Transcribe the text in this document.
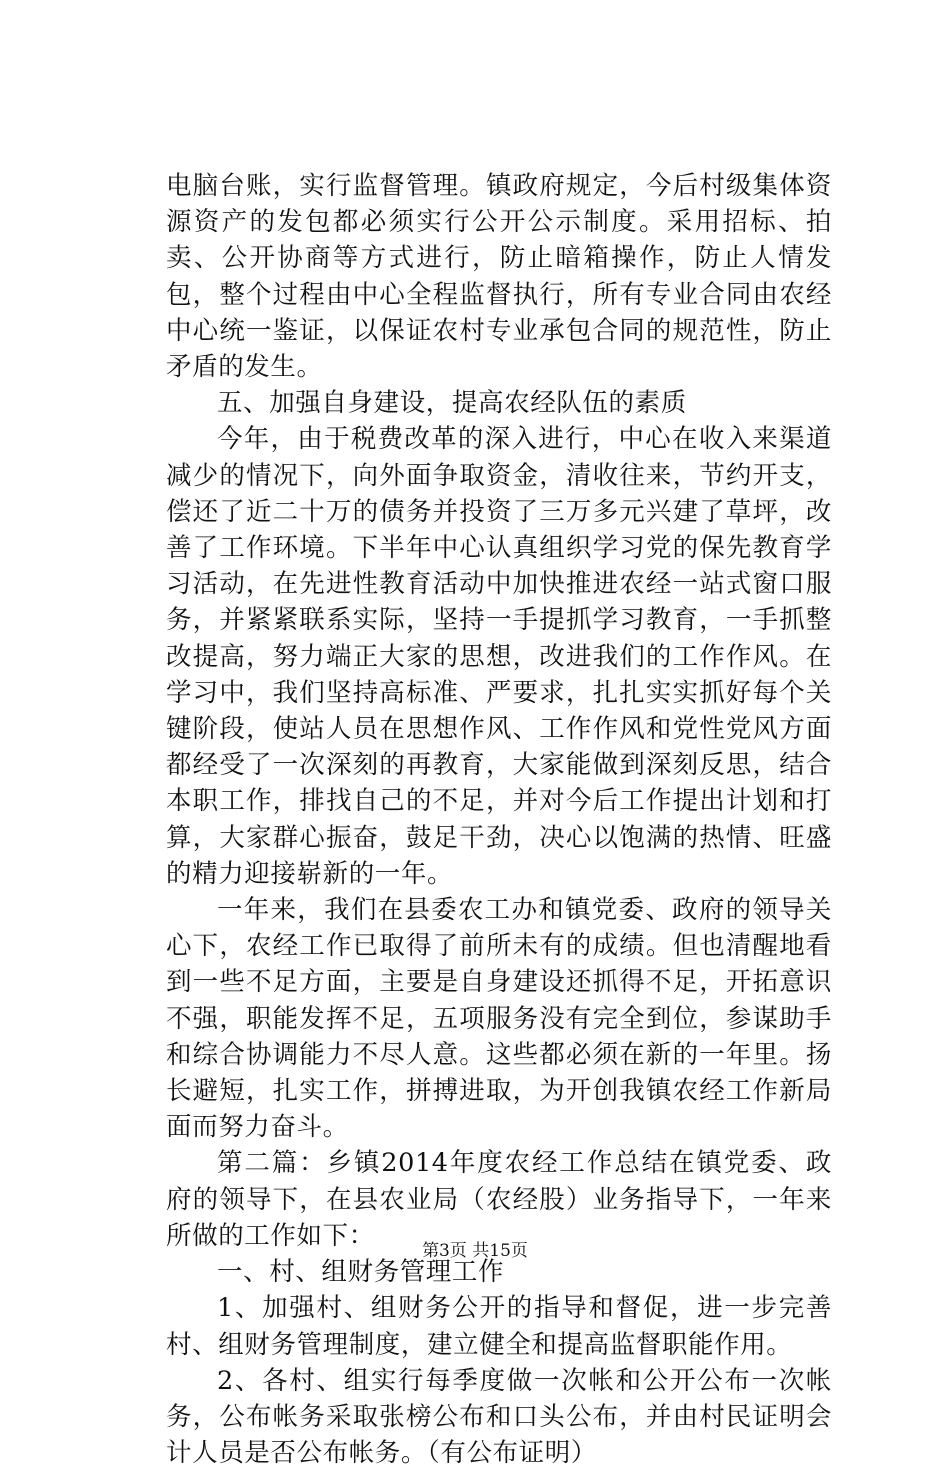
电脑台账，实行监督管理。镇政府规定，今后村级集体资源资产的发包都必须实行公开公示制度。采用招标、拍卖、公开协商等方式进行，防止暗箱操作，防止人情发包，整个过程由中心全程监督执行，所有专业合同由农经中心统一鉴证，以保证农村专业承包合同的规范性，防止矛盾的发生。

五、加强自身建设，提高农经队伍的素质

今年，由于税费改革的深入进行，中心在收入来渠道减少的情况下，向外面争取资金，清收往来，节约开支，偿还了近二十万的债务并投资了三万多元兴建了草坪，改善了工作环境。下半年中心认真组织学习党的保先教育学习活动，在先进性教育活动中加快推进农经一站式窗口服务，并紧紧联系实际，坚持一手提抓学习教育，一手抓整改提高，努力端正大家的思想，改进我们的工作作风。在学习中，我们坚持高标准、严要求，扎扎实实抓好每个关键阶段，使站人员在思想作风、工作作风和党性党风方面都经受了一次深刻的再教育，大家能做到深刻反思，结合本职工作，排找自己的不足，并对今后工作提出计划和打算，大家群心振奋，鼓足干劲，决心以饱满的热情、旺盛的精力迎接崭新的一年。

一年来，我们在县委农工办和镇党委、政府的领导关心下，农经工作已取得了前所未有的成绩。但也清醒地看到一些不足方面，主要是自身建设还抓得不足，开拓意识不强，职能发挥不足，五项服务没有完全到位，参谋助手和综合协调能力不尽人意。这些都必须在新的一年里。扬长避短，扎实工作，拼搏进取，为开创我镇农经工作新局面而努力奋斗。

第二篇：乡镇2014年度农经工作总结在镇党委、政府的领导下，在县农业局（农经股）业务指导下，一年来所做的工作如下：

一、村、组财务管理工作

1、加强村、组财务公开的指导和督促，进一步完善村、组财务管理制度，建立健全和提高监督职能作用。

2、各村、组实行每季度做一次帐和公开公布一次帐务，公布帐务采取张榜公布和口头公布，并由村民证明会计人员是否公布帐务。（有公布证明）

第3页 共15页
